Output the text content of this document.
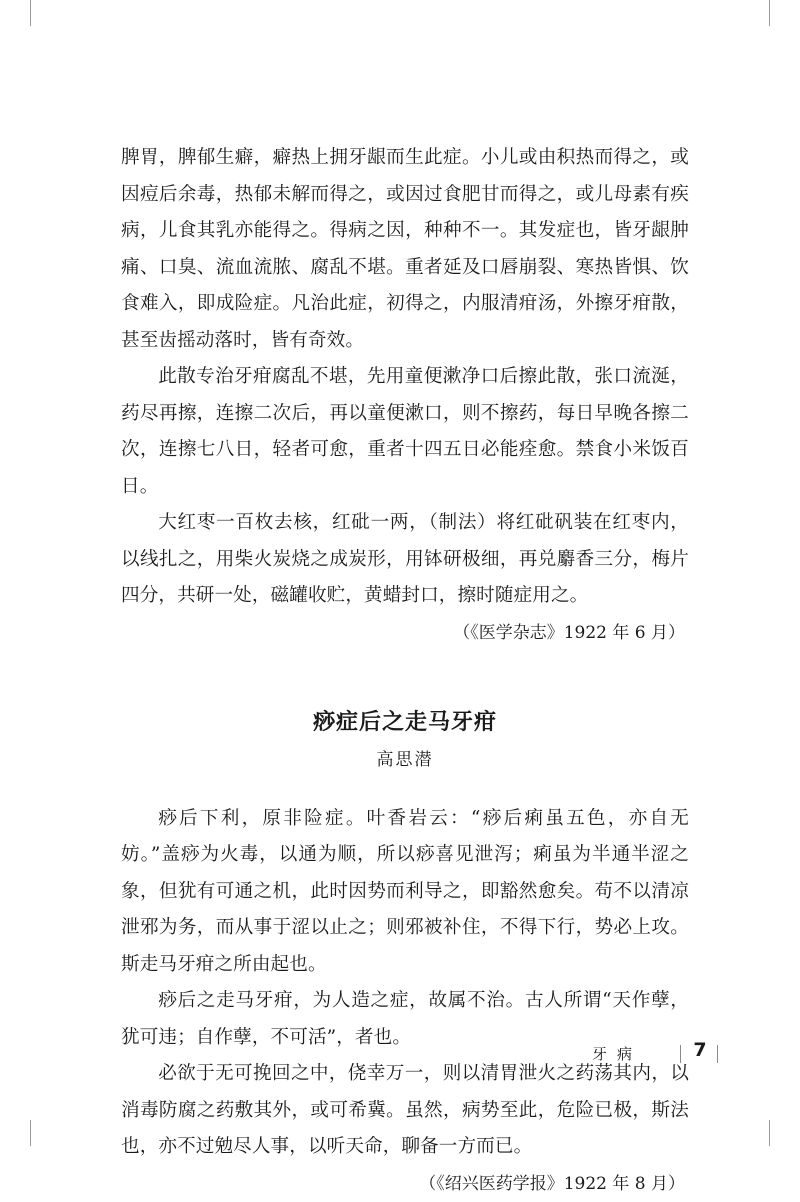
脾胃，脾郁生癖，癖热上拥牙龈而生此症。小儿或由积热而得之，或因痘后余毒，热郁未解而得之，或因过食肥甘而得之，或儿母素有疾病，儿食其乳亦能得之。得病之因，种种不一。其发症也，皆牙龈肿痛、口臭、流血流脓、腐乱不堪。重者延及口唇崩裂、寒热皆惧、饮食难入，即成险症。凡治此症，初得之，内服清疳汤，外擦牙疳散，甚至齿摇动落时，皆有奇效。

此散专治牙疳腐乱不堪，先用童便漱净口后擦此散，张口流涎，药尽再擦，连擦二次后，再以童便漱口，则不擦药，每日早晚各擦二次，连擦七八日，轻者可愈，重者十四五日必能痊愈。禁食小米饭百日。

大红枣一百枚去核，红砒一两，（制法）将红砒矾装在红枣内，以线扎之，用柴火炭烧之成炭形，用钵研极细，再兑麝香三分，梅片四分，共研一处，磁罐收贮，黄蜡封口，擦时随症用之。

（《医学杂志》1922 年 6 月）

痧症后之走马牙疳
高思潜

痧后下利，原非险症。叶香岩云：“痧后痢虽五色，亦自无妨。”盖痧为火毒，以通为顺，所以痧喜见泄泻；痢虽为半通半涩之象，但犹有可通之机，此时因势而利导之，即豁然愈矣。苟不以清凉泄邪为务，而从事于涩以止之；则邪被补住，不得下行，势必上攻。斯走马牙疳之所由起也。

痧后之走马牙疳，为人造之症，故属不治。古人所谓“天作孽，犹可违；自作孽，不可活”，者也。

必欲于无可挽回之中，侥幸万一，则以清胃泄火之药荡其内，以消毒防腐之药敷其外，或可希冀。虽然，病势至此，危险已极，斯法也，亦不过勉尽人事，以听天命，聊备一方而已。

（《绍兴医药学报》1922 年 8 月）

牙病	7
